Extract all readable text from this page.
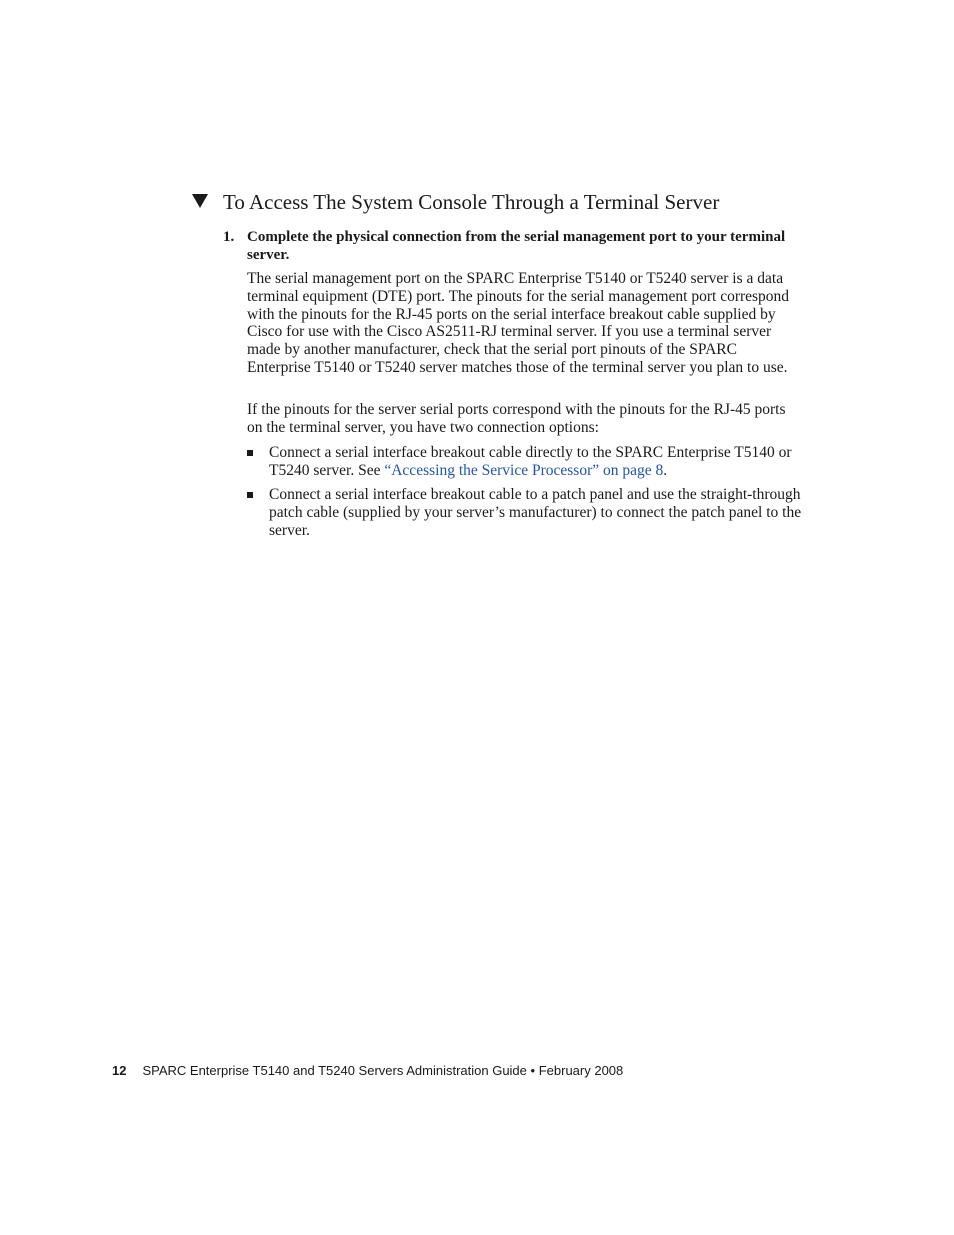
To Access The System Console Through a Terminal Server
1. Complete the physical connection from the serial management port to your terminal server.
The serial management port on the SPARC Enterprise T5140 or T5240 server is a data terminal equipment (DTE) port. The pinouts for the serial management port correspond with the pinouts for the RJ-45 ports on the serial interface breakout cable supplied by Cisco for use with the Cisco AS2511-RJ terminal server. If you use a terminal server made by another manufacturer, check that the serial port pinouts of the SPARC Enterprise T5140 or T5240 server matches those of the terminal server you plan to use.
If the pinouts for the server serial ports correspond with the pinouts for the RJ-45 ports on the terminal server, you have two connection options:
Connect a serial interface breakout cable directly to the SPARC Enterprise T5140 or T5240 server. See “Accessing the Service Processor” on page 8.
Connect a serial interface breakout cable to a patch panel and use the straight-through patch cable (supplied by your server’s manufacturer) to connect the patch panel to the server.
12 SPARC Enterprise T5140 and T5240 Servers Administration Guide • February 2008
